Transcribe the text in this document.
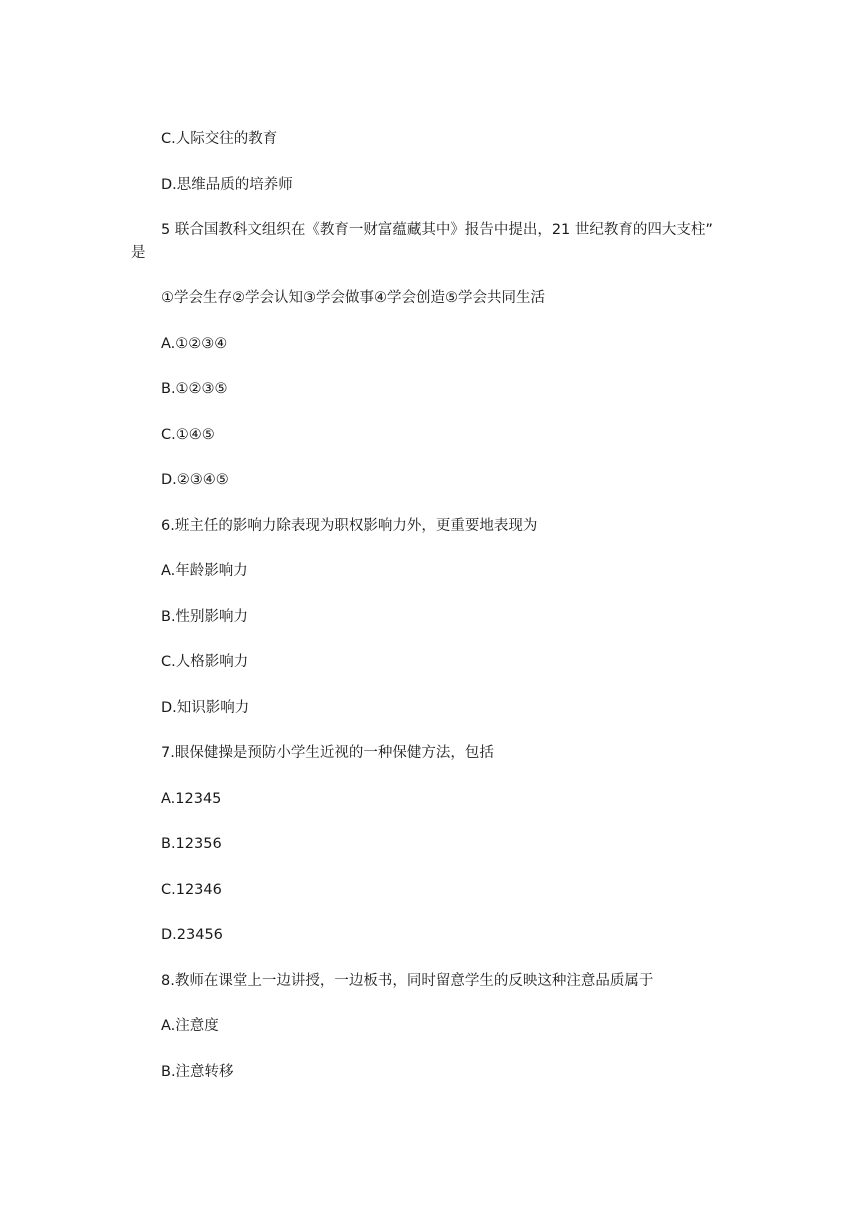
C.人际交往的教育
D.思维品质的培养师
5 联合国教科文组织在《教育一财富蕴藏其中》报告中提出，21 世纪教育的四大支柱”
是
①学会生存②学会认知③学会做事④学会创造⑤学会共同生活
A.①②③④
B.①②③⑤
C.①④⑤
D.②③④⑤
6.班主任的影响力除表现为职权影响力外，更重要地表现为
A.年龄影响力
B.性别影响力
C.人格影响力
D.知识影响力
7.眼保健操是预防小学生近视的一种保健方法，包括
A.12345
B.12356
C.12346
D.23456
8.教师在课堂上一边讲授，一边板书，同时留意学生的反映这种注意品质属于
A.注意度
B.注意转移
